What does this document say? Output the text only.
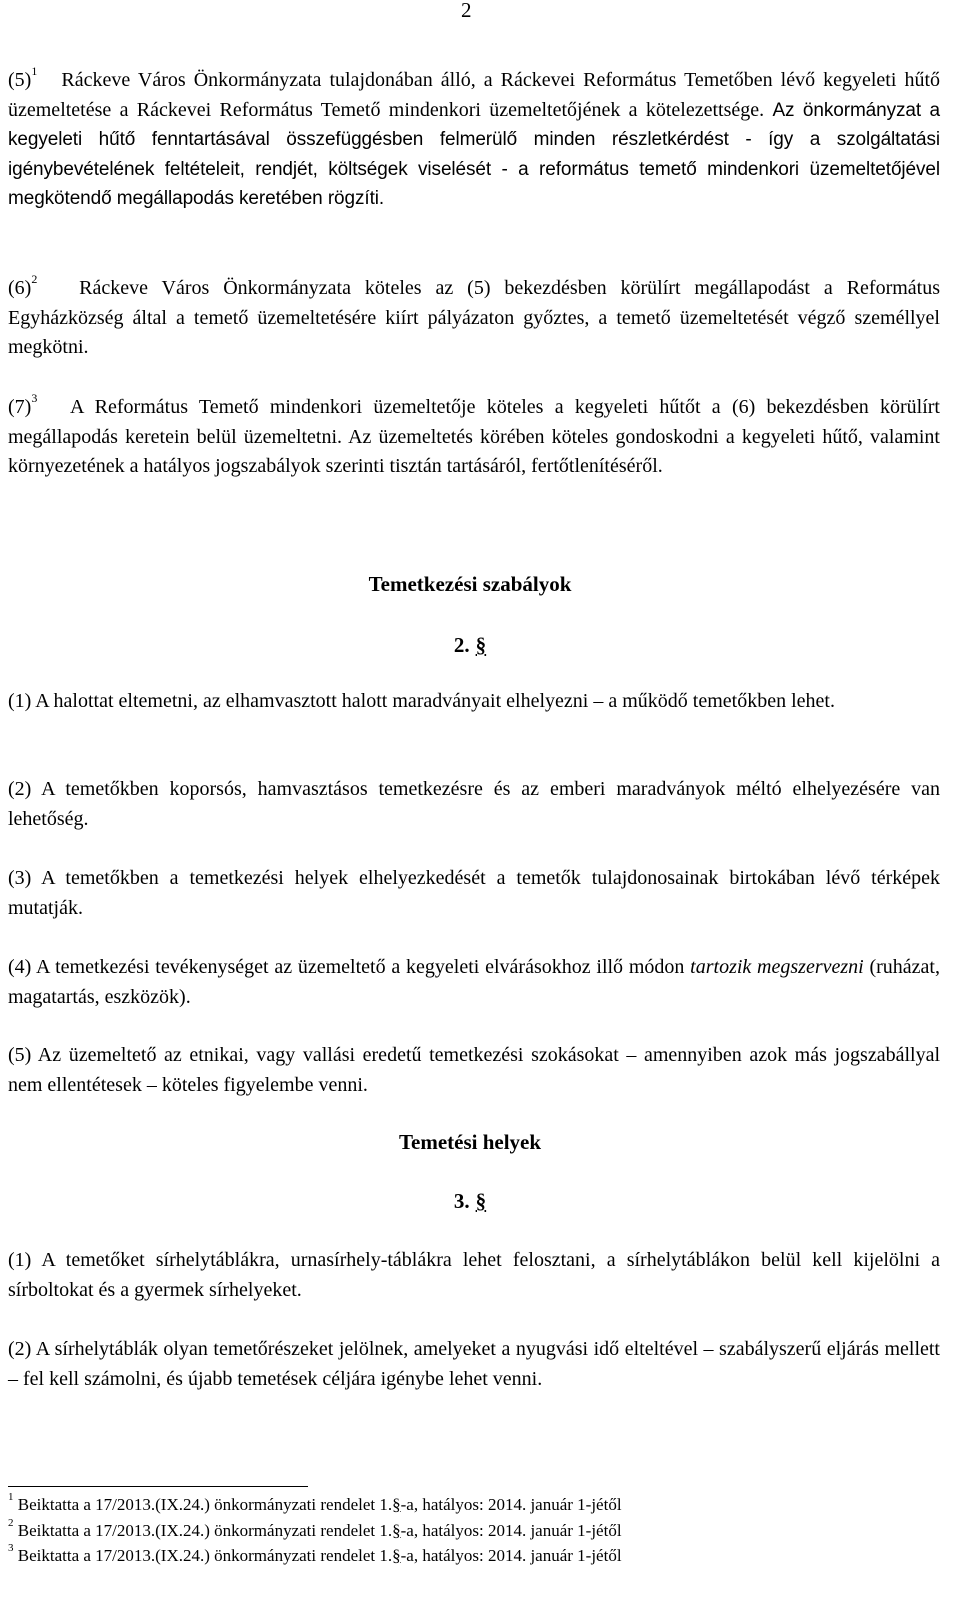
2

$(5)^1$ Ráckeve Város Önkormányzata tulajdonában álló, a Ráckevei Református Temetőben lévő kegyeleti hűtő üzemeltetése a Ráckevei Református Temető mindenkori üzemeltetőjének a kötelezettsége. Az önkormányzat a kegyeleti hűtő fenntartásával összefüggésben felmerülő minden részletkérdést - így a szolgáltatási igénybevételének feltételeit, rendjét, költségek viselését - a református temető mindenkori üzemeltetőjével megkötendő megállapodás keretében rögzíti.

$(6)^2$ Ráckeve Város Önkormányzata köteles az (5) bekezdésben körülírt megállapodást a Református Egyházközség által a temető üzemeltetésére kiírt pályázaton győztes, a temető üzemeltetését végző személlyel megkötni.

$(7)^3$ A Református Temető mindenkori üzemeltetője köteles a kegyeleti hűtőt a (6) bekezdésben körülírt megállapodás keretein belül üzemeltetni. Az üzemeltetés körében köteles gondoskodni a kegyeleti hűtő, valamint környezetének a hatályos jogszabályok szerinti tisztán tartásáról, fertőtlenítéséről.

Temetkezési szabályok
2. §

(1) A halottat eltemetni, az elhamvasztott halott maradványait elhelyezni – a működő temetőkben lehet.

(2) A temetőkben koporsós, hamvasztásos temetkezésre és az emberi maradványok méltó elhelyezésére van lehetőség.

(3) A temetőkben a temetkezési helyek elhelyezkedését a temetők tulajdonosainak birtokában lévő térképek mutatják.

(4) A temetkezési tevékenységet az üzemeltető a kegyeleti elvárásokhoz illő módon tartozik megszervezni (ruházat, magatartás, eszközök).

(5) Az üzemeltető az etnikai, vagy vallási eredetű temetkezési szokásokat – amennyiben azok más jogszabállyal nem ellentétesek – köteles figyelembe venni.

Temetési helyek
3. §

(1) A temetőket sírhelytáblákra, urnasírhely-táblákra lehet felosztani, a sírhelytáblákon belül kell kijelölni a sírboltokat és a gyermek sírhelyeket.

(2) A sírhelytáblák olyan temetőrészeket jelölnek, amelyeket a nyugvási idő elteltével – szabályszerű eljárás mellett – fel kell számolni, és újabb temetések céljára igénybe lehet venni.

$^1$ Beiktatta a 17/2013.(IX.24.) önkormányzati rendelet 1.§-a, hatályos: 2014. január 1-jétől
$^2$ Beiktatta a 17/2013.(IX.24.) önkormányzati rendelet 1.§-a, hatályos: 2014. január 1-jétől
$^3$ Beiktatta a 17/2013.(IX.24.) önkormányzati rendelet 1.§-a, hatályos: 2014. január 1-jétől
